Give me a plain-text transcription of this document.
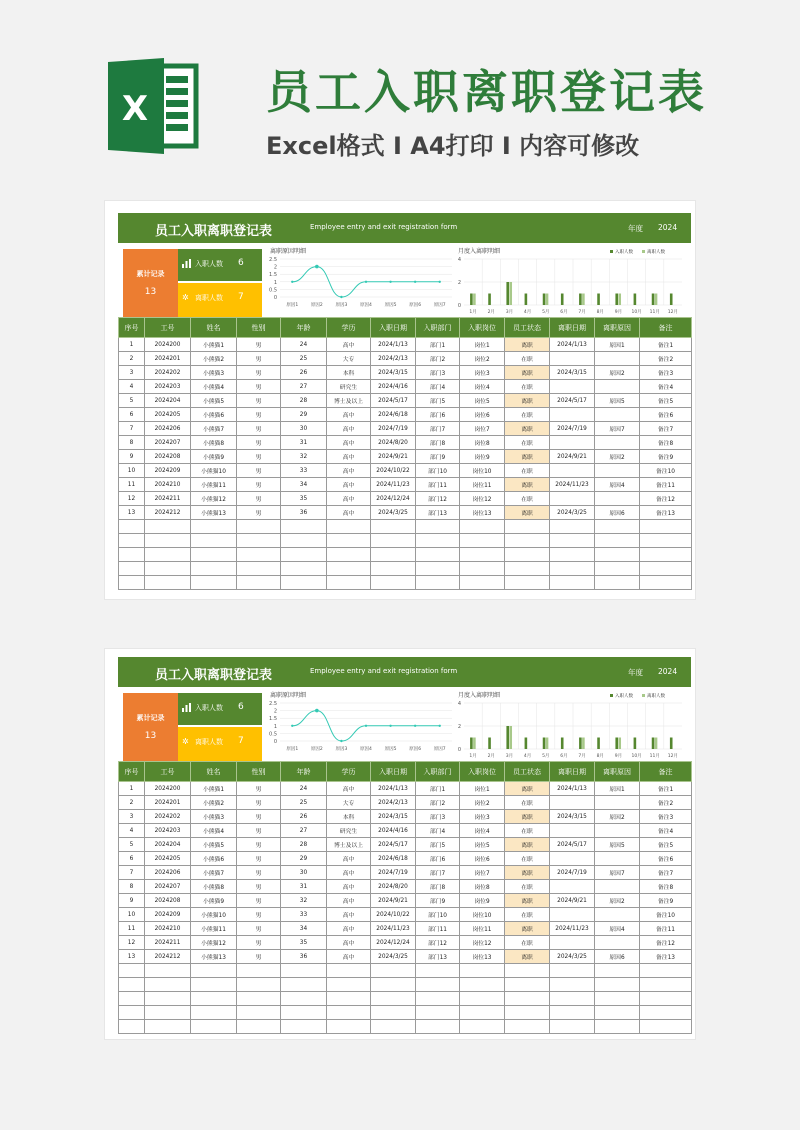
X	员工入职离职登记表
Excel格式 I A4打印 I 内容可修改
员工入职离职登记表	Employee entry and exit registration form	年度 2024
累计记录
13
入职人数 6
✲ 离职人数 7
离职原因明细
2.5
2
1.5
1
0.5
0
原因1	原因2	原因3	原因4	原因5	原因6	原因7
月度入离职明细	入职人数	离职人数
4
2
0
1月 2月 3月 4月 5月 6月 7月 8月 9月 10月 11月 12月
序号	工号	姓名	性别	年龄	学历	入职日期	入职部门	入职岗位	员工状态	离职日期	离职原因	备注
1	2024200	小熊猫1	男	24	高中	2024/1/13	部门1	岗位1	离职	2024/1/13	原因1	备注1
2	2024201	小熊猫2	男	25	大专	2024/2/13	部门2	岗位2	在职			备注2
3	2024202	小熊猫3	男	26	本科	2024/3/15	部门3	岗位3	离职	2024/3/15	原因2	备注3
4	2024203	小熊猫4	男	27	研究生	2024/4/16	部门4	岗位4	在职			备注4
5	2024204	小熊猫5	男	28	博士及以上	2024/5/17	部门5	岗位5	离职	2024/5/17	原因5	备注5
6	2024205	小熊猫6	男	29	高中	2024/6/18	部门6	岗位6	在职			备注6
7	2024206	小熊猫7	男	30	高中	2024/7/19	部门7	岗位7	离职	2024/7/19	原因7	备注7
8	2024207	小熊猫8	男	31	高中	2024/8/20	部门8	岗位8	在职			备注8
9	2024208	小熊猫9	男	32	高中	2024/9/21	部门9	岗位9	离职	2024/9/21	原因2	备注9
10	2024209	小熊猫10	男	33	高中	2024/10/22	部门10	岗位10	在职			备注10
11	2024210	小熊猫11	男	34	高中	2024/11/23	部门11	岗位11	离职	2024/11/23	原因4	备注11
12	2024211	小熊猫12	男	35	高中	2024/12/24	部门12	岗位12	在职			备注12
13	2024212	小熊猫13	男	36	高中	2024/3/25	部门13	岗位13	离职	2024/3/25	原因6	备注13

员工入职离职登记表	Employee entry and exit registration form	年度 2024
累计记录
13
入职人数 6
✲ 离职人数 7
离职原因明细
2.5
2
1.5
1
0.5
0
原因1	原因2	原因3	原因4	原因5	原因6	原因7
月度入离职明细	入职人数	离职人数
4
2
0
1月 2月 3月 4月 5月 6月 7月 8月 9月 10月 11月 12月
序号	工号	姓名	性别	年龄	学历	入职日期	入职部门	入职岗位	员工状态	离职日期	离职原因	备注
1	2024200	小熊猫1	男	24	高中	2024/1/13	部门1	岗位1	离职	2024/1/13	原因1	备注1
2	2024201	小熊猫2	男	25	大专	2024/2/13	部门2	岗位2	在职			备注2
3	2024202	小熊猫3	男	26	本科	2024/3/15	部门3	岗位3	离职	2024/3/15	原因2	备注3
4	2024203	小熊猫4	男	27	研究生	2024/4/16	部门4	岗位4	在职			备注4
5	2024204	小熊猫5	男	28	博士及以上	2024/5/17	部门5	岗位5	离职	2024/5/17	原因5	备注5
6	2024205	小熊猫6	男	29	高中	2024/6/18	部门6	岗位6	在职			备注6
7	2024206	小熊猫7	男	30	高中	2024/7/19	部门7	岗位7	离职	2024/7/19	原因7	备注7
8	2024207	小熊猫8	男	31	高中	2024/8/20	部门8	岗位8	在职			备注8
9	2024208	小熊猫9	男	32	高中	2024/9/21	部门9	岗位9	离职	2024/9/21	原因2	备注9
10	2024209	小熊猫10	男	33	高中	2024/10/22	部门10	岗位10	在职			备注10
11	2024210	小熊猫11	男	34	高中	2024/11/23	部门11	岗位11	离职	2024/11/23	原因4	备注11
12	2024211	小熊猫12	男	35	高中	2024/12/24	部门12	岗位12	在职			备注12
13	2024212	小熊猫13	男	36	高中	2024/3/25	部门13	岗位13	离职	2024/3/25	原因6	备注13
